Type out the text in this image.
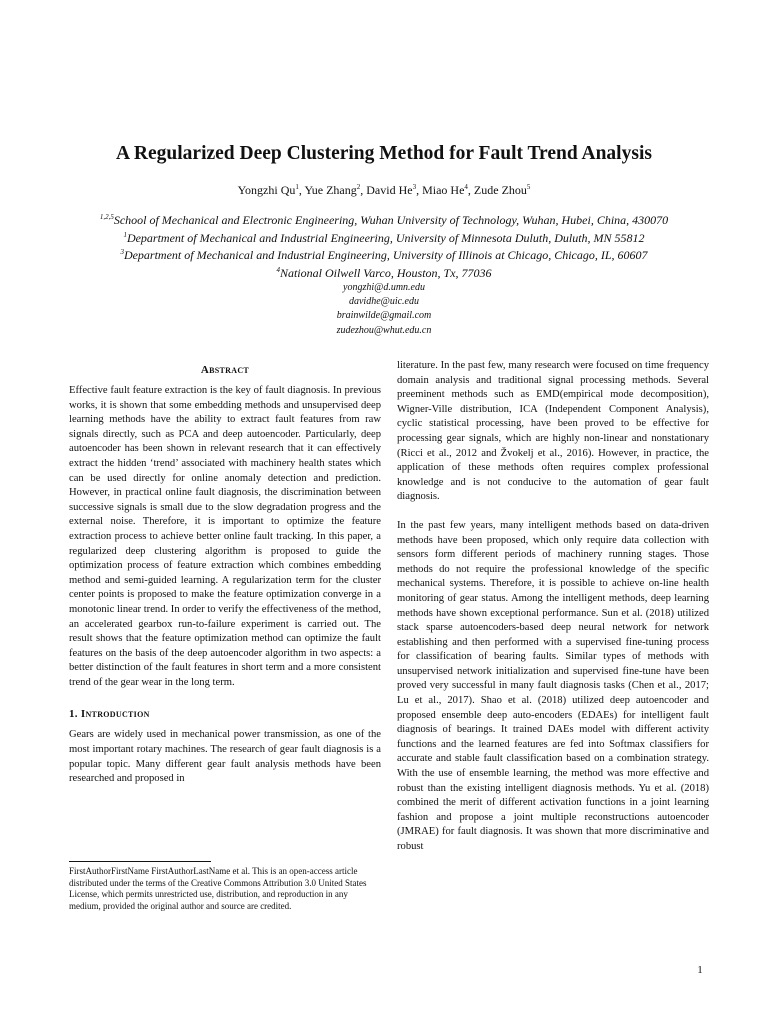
A Regularized Deep Clustering Method for Fault Trend Analysis
Yongzhi Qu$^1$, Yue Zhang$^2$, David He$^3$, Miao He$^4$, Zude Zhou$^5$
$^{1,2,5}$School of Mechanical and Electronic Engineering, Wuhan University of Technology, Wuhan, Hubei, China, 430070
$^1$Department of Mechanical and Industrial Engineering, University of Minnesota Duluth, Duluth, MN 55812
$^3$Department of Mechanical and Industrial Engineering, University of Illinois at Chicago, Chicago, IL, 60607
$^4$National Oilwell Varco, Houston, Tx, 77036
yongzhi@d.umn.edu
davidhe@uic.edu
brainwilde@gmail.com
zudezhou@whut.edu.cn
Abstract

Effective fault feature extraction is the key of fault diagnosis. In previous works, it is shown that some embedding methods and unsupervised deep learning methods have the ability to extract fault features from raw signals directly, such as PCA and deep autoencoder. Particularly, deep autoencoder has been shown in relevant research that it can effectively extract the hidden ‘trend’ associated with machinery health states which can be used directly for online anomaly detection and prediction. However, in practical online fault diagnosis, the discrimination between successive signals is small due to the slow degradation progress and the external noise. Therefore, it is important to optimize the feature extraction process to achieve better online fault tracking. In this paper, a regularized deep clustering algorithm is proposed to guide the optimization process of feature extraction which combines embedding method and semi-guided learning. A regularization term for the cluster center points is proposed to make the feature optimization converge in a monotonic linear trend. In order to verify the effectiveness of the method, an accelerated gearbox run-to-failure experiment is carried out. The result shows that the feature optimization method can optimize the fault features on the basis of the deep autoencoder algorithm in two aspects: a better distinction of the fault features in short term and a more consistent trend of the gear wear in the long term.

1. Introduction

Gears are widely used in mechanical power transmission, as one of the most important rotary machines. The research of gear fault diagnosis is a popular topic. Many different gear fault analysis methods have been researched and proposed in

literature. In the past few, many research were focused on time frequency domain analysis and traditional signal processing methods. Several preeminent methods such as EMD(empirical mode decomposition), Wigner-Ville distribution, ICA (Independent Component Analysis), cyclic statistical processing, have been proved to be effective for processing gear signals, which are highly non-linear and nonstationary (Ricci et al., 2012 and Žvokelj et al., 2016). However, in practice, the application of these methods often requires complex professional knowledge and is not conducive to the automation of gear fault diagnosis.

In the past few years, many intelligent methods based on data-driven methods have been proposed, which only require data collection with sensors form different periods of machinery running stages. Those methods do not require the professional knowledge of the specific mechanical systems. Therefore, it is possible to achieve on-line health monitoring of gear status. Among the intelligent methods, deep learning methods have shown exceptional performance. Sun et al. (2018) utilized stack sparse autoencoders-based deep neural network for network establishing and then performed with a supervised fine-tuning process for classification of bearing faults. Similar types of methods with unsupervised network initialization and supervised fine-tune have been proved very successful in many fault diagnosis tasks (Chen et al., 2017; Lu et al., 2017). Shao et al. (2018) utilized deep autoencoder and proposed ensemble deep auto-encoders (EDAEs) for intelligent fault diagnosis of bearings. It trained DAEs model with different activity functions and the learned features are fed into Softmax classifiers for accurate and stable fault classification based on a combination strategy. With the use of ensemble learning, the method was more effective and robust than the existing intelligent diagnosis methods. Yu et al. (2018) combined the merit of different activation functions in a joint learning fashion and propose a joint multiple reconstructions autoencoder (JMRAE) for fault diagnosis. It was shown that more discriminative and robust

FirstAuthorFirstName FirstAuthorLastName et al. This is an open-access article distributed under the terms of the Creative Commons Attribution 3.0 United States License, which permits unrestricted use, distribution, and reproduction in any medium, provided the original author and source are credited.
1
